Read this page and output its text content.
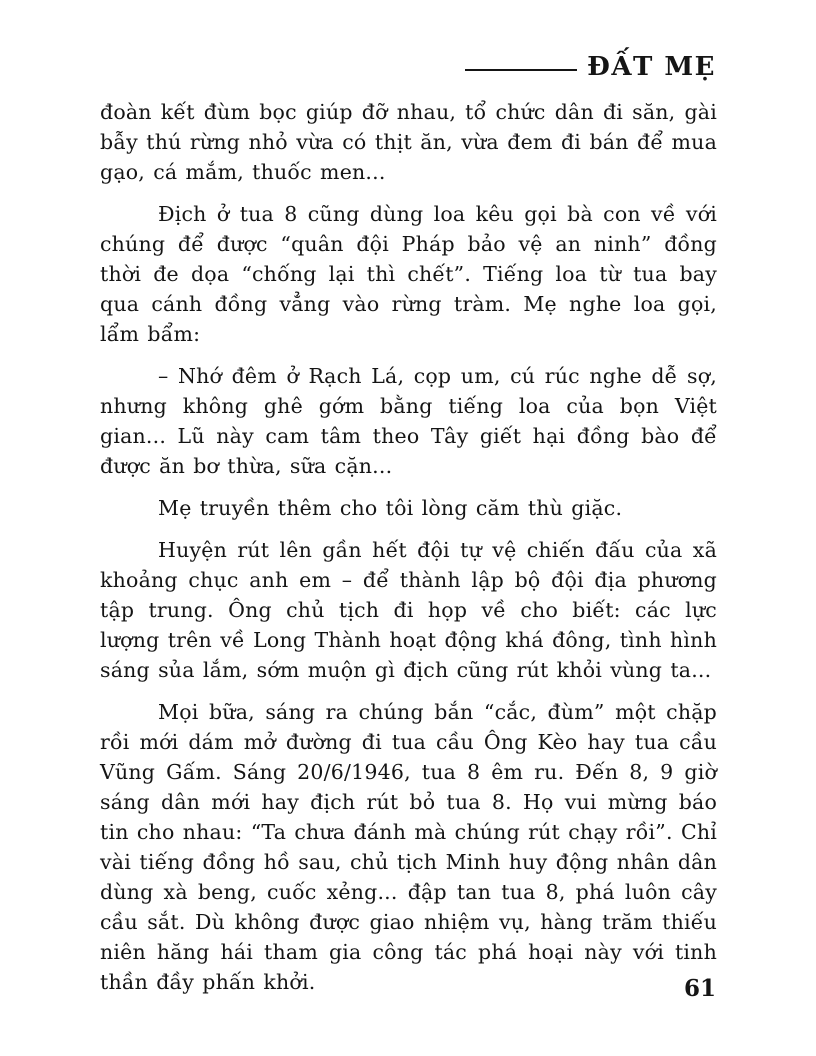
ĐẤT MẸ

đoàn kết đùm bọc giúp đỡ nhau, tổ chức dân đi săn, gài bẫy thú rừng nhỏ vừa có thịt ăn, vừa đem đi bán để mua gạo, cá mắm, thuốc men...

Địch ở tua 8 cũng dùng loa kêu gọi bà con về với chúng để được “quân đội Pháp bảo vệ an ninh” đồng thời đe dọa “chống lại thì chết”. Tiếng loa từ tua bay qua cánh đồng vẳng vào rừng tràm. Mẹ nghe loa gọi, lẩm bẩm:

– Nhớ đêm ở Rạch Lá, cọp um, cú rúc nghe dễ sợ, nhưng không ghê gớm bằng tiếng loa của bọn Việt gian... Lũ này cam tâm theo Tây giết hại đồng bào để được ăn bơ thừa, sữa cặn...

Mẹ truyền thêm cho tôi lòng căm thù giặc.

Huyện rút lên gần hết đội tự vệ chiến đấu của xã khoảng chục anh em – để thành lập bộ đội địa phương tập trung. Ông chủ tịch đi họp về cho biết: các lực lượng trên về Long Thành hoạt động khá đông, tình hình sáng sủa lắm, sớm muộn gì địch cũng rút khỏi vùng ta...

Mọi bữa, sáng ra chúng bắn “cắc, đùm” một chặp rồi mới dám mở đường đi tua cầu Ông Kèo hay tua cầu Vũng Gấm. Sáng 20/6/1946, tua 8 êm ru. Đến 8, 9 giờ sáng dân mới hay địch rút bỏ tua 8. Họ vui mừng báo tin cho nhau: “Ta chưa đánh mà chúng rút chạy rồi”. Chỉ vài tiếng đồng hồ sau, chủ tịch Minh huy động nhân dân dùng xà beng, cuốc xẻng... đập tan tua 8, phá luôn cây cầu sắt. Dù không được giao nhiệm vụ, hàng trăm thiếu niên hăng hái tham gia công tác phá hoại này với tinh thần đầy phấn khởi.	61
